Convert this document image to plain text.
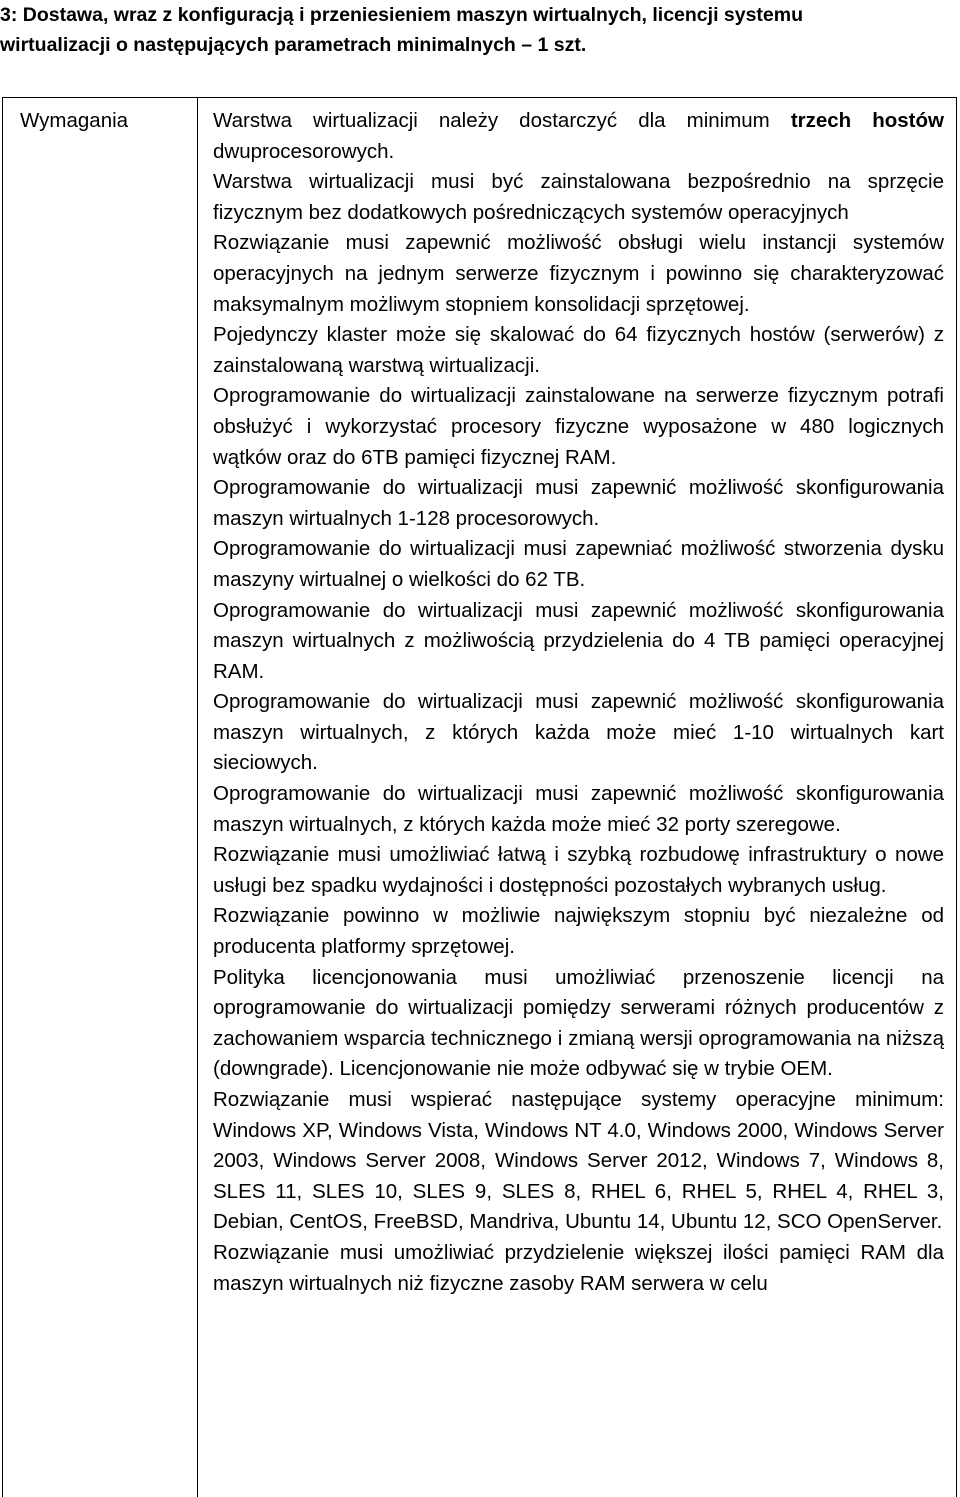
3: Dostawa, wraz z konfiguracją i przeniesieniem maszyn wirtualnych, licencji systemu
wirtualizacji o następujących parametrach minimalnych – 1 szt.
Wymagania	Warstwa wirtualizacji należy dostarczyć dla minimum trzech hostów dwuprocesorowych.

Warstwa wirtualizacji musi być zainstalowana bezpośrednio na sprzęcie fizycznym bez dodatkowych pośredniczących systemów operacyjnych

Rozwiązanie musi zapewnić możliwość obsługi wielu instancji systemów operacyjnych na jednym serwerze fizycznym i powinno się charakteryzować maksymalnym możliwym stopniem konsolidacji sprzętowej.

Pojedynczy klaster może się skalować do 64 fizycznych hostów (serwerów) z zainstalowaną warstwą wirtualizacji.

Oprogramowanie do wirtualizacji zainstalowane na serwerze fizycznym potrafi obsłużyć i wykorzystać procesory fizyczne wyposażone w 480 logicznych wątków oraz do 6TB pamięci fizycznej RAM.

Oprogramowanie do wirtualizacji musi zapewnić możliwość skonfigurowania maszyn wirtualnych 1-128 procesorowych.

Oprogramowanie do wirtualizacji musi zapewniać możliwość stworzenia dysku maszyny wirtualnej o wielkości do 62 TB.

Oprogramowanie do wirtualizacji musi zapewnić możliwość skonfigurowania maszyn wirtualnych z możliwością przydzielenia do 4 TB pamięci operacyjnej RAM.

Oprogramowanie do wirtualizacji musi zapewnić możliwość skonfigurowania maszyn wirtualnych, z których każda może mieć 1-10 wirtualnych kart sieciowych.

Oprogramowanie do wirtualizacji musi zapewnić możliwość skonfigurowania maszyn wirtualnych, z których każda może mieć 32 porty szeregowe.

Rozwiązanie musi umożliwiać łatwą i szybką rozbudowę infrastruktury o nowe usługi bez spadku wydajności i dostępności pozostałych wybranych usług.

Rozwiązanie powinno w możliwie największym stopniu być niezależne od producenta platformy sprzętowej.

Polityka licencjonowania musi umożliwiać przenoszenie licencji na oprogramowanie do wirtualizacji pomiędzy serwerami różnych producentów z zachowaniem wsparcia technicznego i zmianą wersji oprogramowania na niższą (downgrade). Licencjonowanie nie może odbywać się w trybie OEM.

Rozwiązanie musi wspierać następujące systemy operacyjne minimum: Windows XP, Windows Vista, Windows NT 4.0, Windows 2000, Windows Server 2003, Windows Server 2008, Windows Server 2012, Windows 7, Windows 8, SLES 11, SLES 10, SLES 9, SLES 8, RHEL 6, RHEL 5, RHEL 4, RHEL 3, Debian, CentOS, FreeBSD, Mandriva, Ubuntu 14, Ubuntu 12, SCO OpenServer.

Rozwiązanie musi umożliwiać przydzielenie większej ilości pamięci RAM dla maszyn wirtualnych niż fizyczne zasoby RAM serwera w celu
